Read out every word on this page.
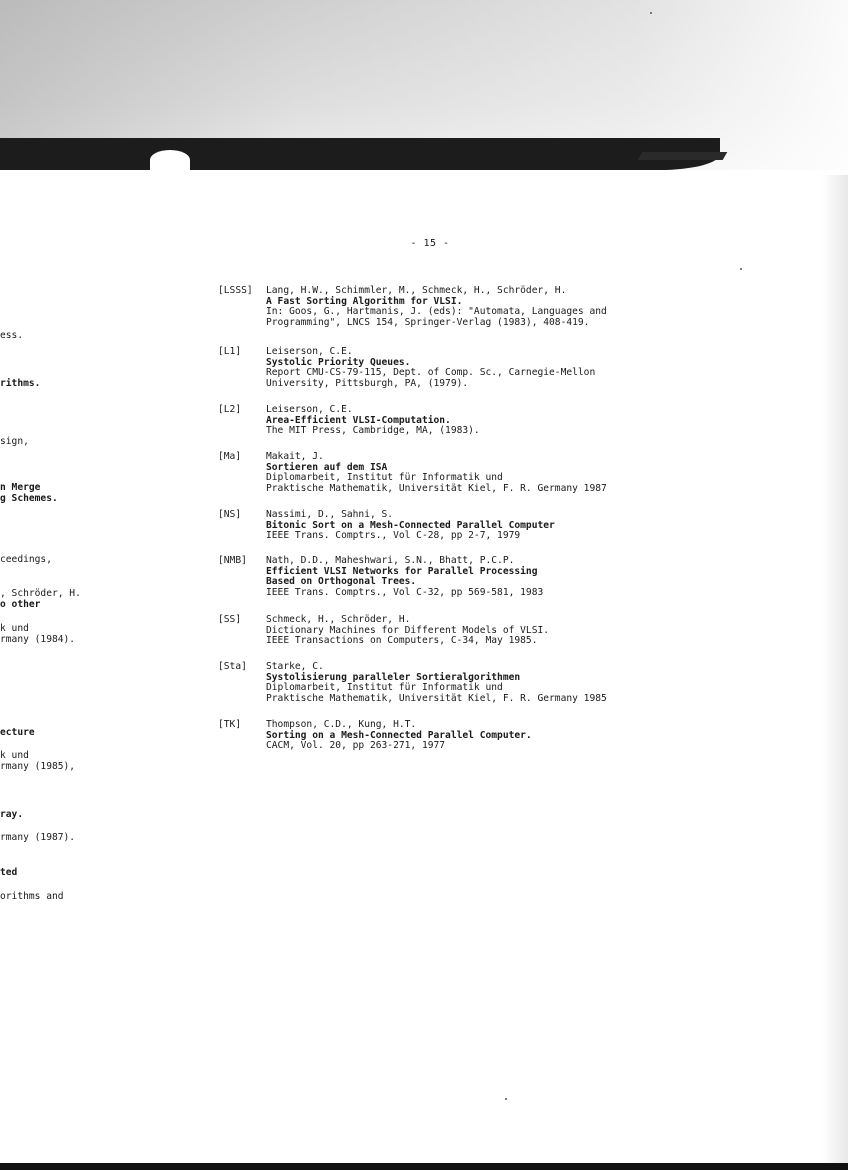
- 15 -
ess.
rithms.
sign,
n Merge
g Schemes.
ceedings,
, Schröder, H.
o other
k und
rmany (1984).
ecture
k und
rmany (1985),
ray.
rmany (1987).
ted
orithms and
[LSSS]	Lang, H.W., Schimmler, M., Schmeck, H., Schröder, H.
A Fast Sorting Algorithm for VLSI.
In: Goos, G., Hartmanis, J. (eds): "Automata, Languages and
Programming", LNCS 154, Springer-Verlag (1983), 408-419.
[L1]	Leiserson, C.E.
Systolic Priority Queues.
Report CMU-CS-79-115, Dept. of Comp. Sc., Carnegie-Mellon
University, Pittsburgh, PA, (1979).
[L2]	Leiserson, C.E.
Area-Efficient VLSI-Computation.
The MIT Press, Cambridge, MA, (1983).
[Ma]	Makait, J.
Sortieren auf dem ISA
Diplomarbeit, Institut für Informatik und
Praktische Mathematik, Universität Kiel, F. R. Germany 1987
[NS]	Nassimi, D., Sahni, S.
Bitonic Sort on a Mesh-Connected Parallel Computer
IEEE Trans. Comptrs., Vol C-28, pp 2-7, 1979
[NMB]	Nath, D.D., Maheshwari, S.N., Bhatt, P.C.P.
Efficient VLSI Networks for Parallel Processing
Based on Orthogonal Trees.
IEEE Trans. Comptrs., Vol C-32, pp 569-581, 1983
[SS]	Schmeck, H., Schröder, H.
Dictionary Machines for Different Models of VLSI.
IEEE Transactions on Computers, C-34, May 1985.
[Sta]	Starke, C.
Systolisierung paralleler Sortieralgorithmen
Diplomarbeit, Institut für Informatik und
Praktische Mathematik, Universität Kiel, F. R. Germany 1985
[TK]	Thompson, C.D., Kung, H.T.
Sorting on a Mesh-Connected Parallel Computer.
CACM, Vol. 20, pp 263-271, 1977
